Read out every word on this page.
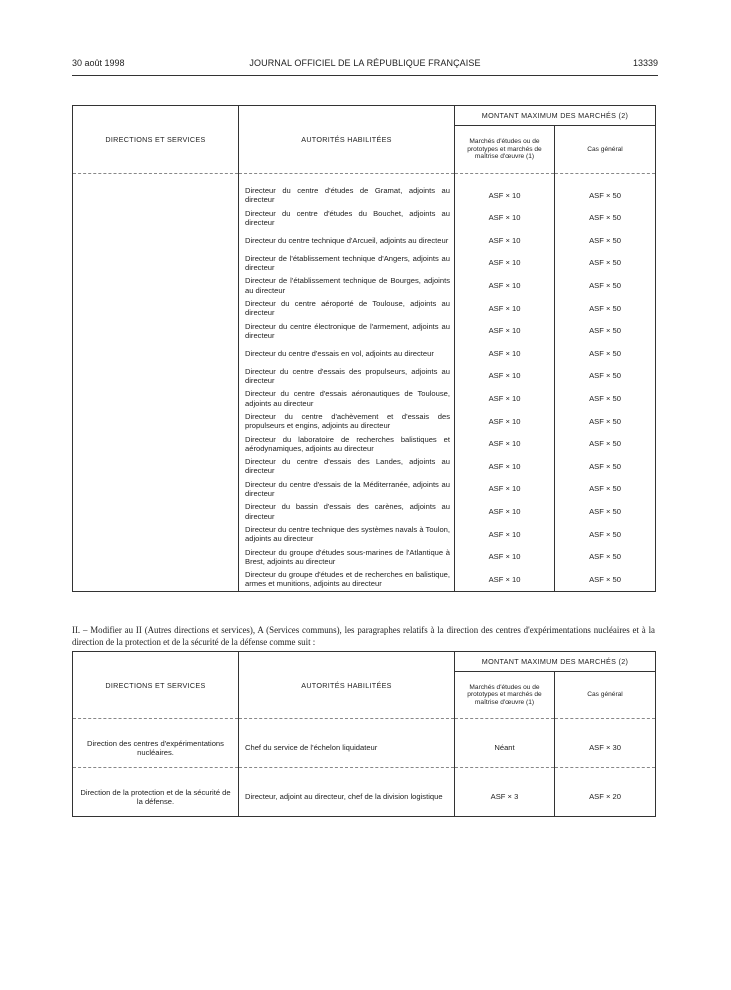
30 août 1998	JOURNAL OFFICIEL DE LA RÉPUBLIQUE FRANÇAISE	13339
DIRECTIONS ET SERVICES	AUTORITÉS HABILITÉES	MONTANT MAXIMUM DES MARCHÉS (2)	
		Marchés d'études ou de prototypes et marchés de maîtrise d'œuvre (1)	Cas général

	Directeur du centre d'études de Gramat, adjoints au directeur	ASF × 10	ASF × 50
	Directeur du centre d'études du Bouchet, adjoints au directeur	ASF × 10	ASF × 50
	Directeur du centre technique d'Arcueil, adjoints au directeur	ASF × 10	ASF × 50
	Directeur de l'établissement technique d'Angers, adjoints au directeur	ASF × 10	ASF × 50
	Directeur de l'établissement technique de Bourges, adjoints au directeur	ASF × 10	ASF × 50
	Directeur du centre aéroporté de Toulouse, adjoints au directeur	ASF × 10	ASF × 50
	Directeur du centre électronique de l'armement, adjoints au directeur	ASF × 10	ASF × 50
	Directeur du centre d'essais en vol, adjoints au directeur	ASF × 10	ASF × 50
	Directeur du centre d'essais des propulseurs, adjoints au directeur	ASF × 10	ASF × 50
	Directeur du centre d'essais aéronautiques de Toulouse, adjoints au directeur	ASF × 10	ASF × 50
	Directeur du centre d'achèvement et d'essais des propulseurs et engins, adjoints au directeur	ASF × 10	ASF × 50
	Directeur du laboratoire de recherches balistiques et aérodynamiques, adjoints au directeur	ASF × 10	ASF × 50
	Directeur du centre d'essais des Landes, adjoints au directeur	ASF × 10	ASF × 50
	Directeur du centre d'essais de la Méditerranée, adjoints au directeur	ASF × 10	ASF × 50
	Directeur du bassin d'essais des carènes, adjoints au directeur	ASF × 10	ASF × 50
	Directeur du centre technique des systèmes navals à Toulon, adjoints au directeur	ASF × 10	ASF × 50
	Directeur du groupe d'études sous-marines de l'Atlantique à Brest, adjoints au directeur	ASF × 10	ASF × 50
	Directeur du groupe d'études et de recherches en balistique, armes et munitions, adjoints au directeur	ASF × 10	ASF × 50

II. – Modifier au II (Autres directions et services), A (Services communs), les paragraphes relatifs à la direction des centres d'expérimentations nucléaires et à la direction de la protection et de la sécurité de la défense comme suit :

DIRECTIONS ET SERVICES	AUTORITÉS HABILITÉES	MONTANT MAXIMUM DES MARCHÉS (2)	
		Marchés d'études ou de prototypes et marchés de maîtrise d'œuvre (1)	Cas général

Direction des centres d'expérimentations nucléaires.	Chef du service de l'échelon liquidateur	Néant	ASF × 30

Direction de la protection et de la sécurité de la défense.	Directeur, adjoint au directeur, chef de la division logistique	ASF × 3	ASF × 20
